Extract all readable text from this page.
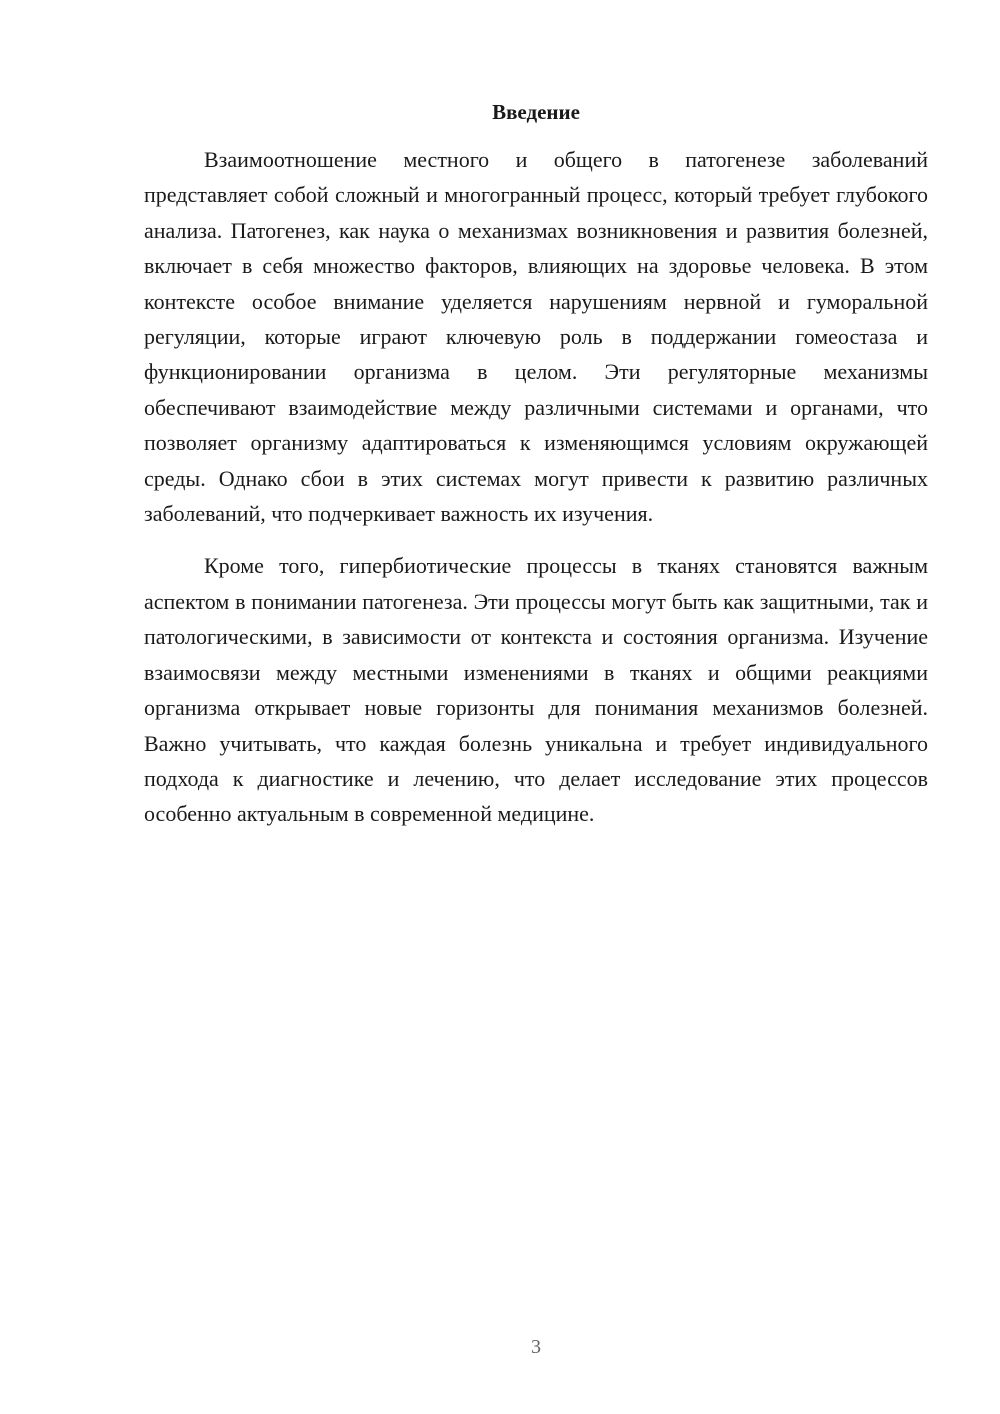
Введение

Взаимоотношение местного и общего в патогенезе заболеваний представляет собой сложный и многогранный процесс, который требует глубокого анализа. Патогенез, как наука о механизмах возникновения и развития болезней, включает в себя множество факторов, влияющих на здоровье человека. В этом контексте особое внимание уделяется нарушениям нервной и гуморальной регуляции, которые играют ключевую роль в поддержании гомеостаза и функционировании организма в целом. Эти регуляторные механизмы обеспечивают взаимодействие между различными системами и органами, что позволяет организму адаптироваться к изменяющимся условиям окружающей среды. Однако сбои в этих системах могут привести к развитию различных заболеваний, что подчеркивает важность их изучения.

Кроме того, гипербиотические процессы в тканях становятся важным аспектом в понимании патогенеза. Эти процессы могут быть как защитными, так и патологическими, в зависимости от контекста и состояния организма. Изучение взаимосвязи между местными изменениями в тканях и общими реакциями организма открывает новые горизонты для понимания механизмов болезней. Важно учитывать, что каждая болезнь уникальна и требует индивидуального подхода к диагностике и лечению, что делает исследование этих процессов особенно актуальным в современной медицине.

3
